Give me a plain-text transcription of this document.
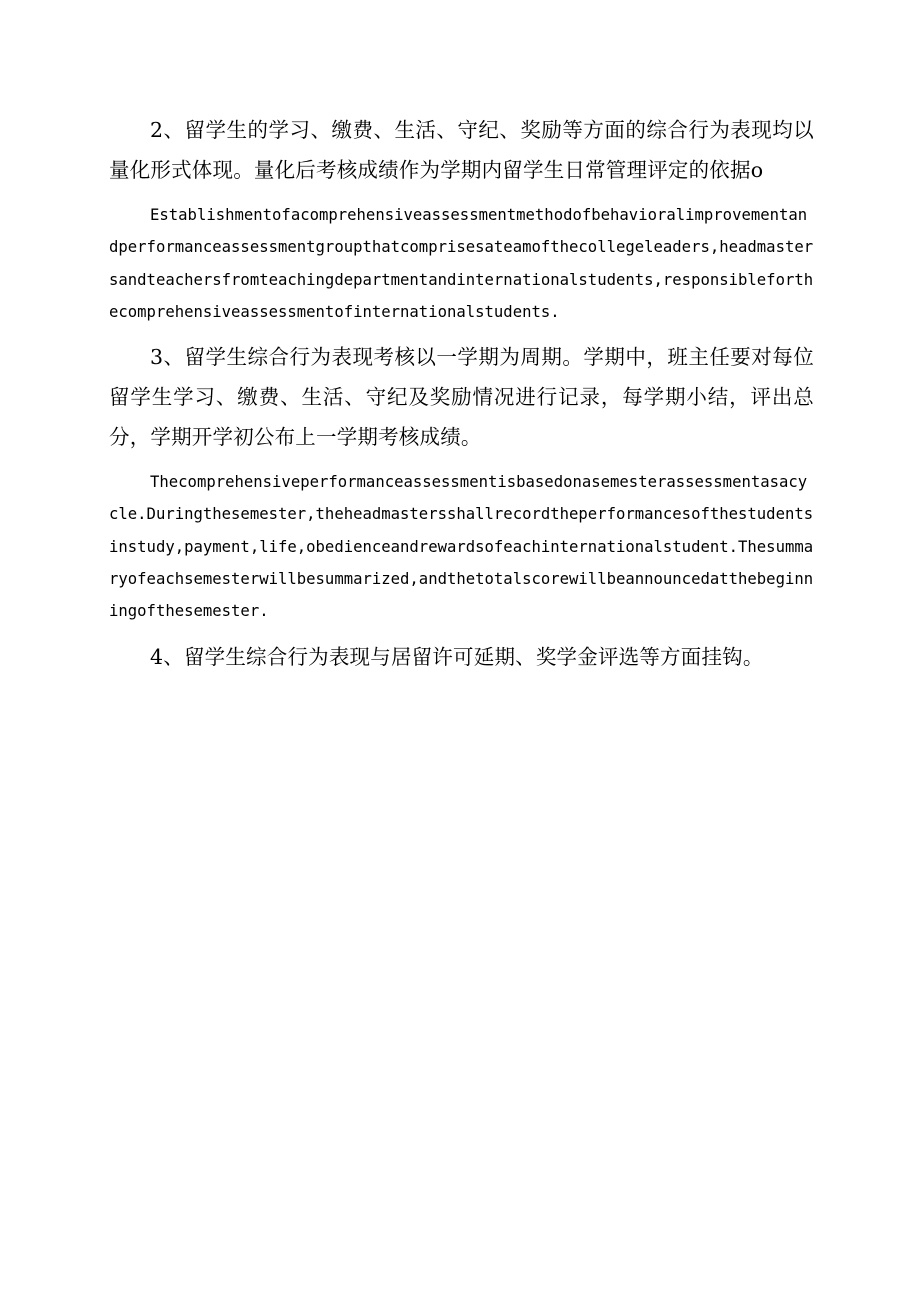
2、留学生的学习、缴费、生活、守纪、奖励等方面的综合行为表现均以量化形式体现。量化后考核成绩作为学期内留学生日常管理评定的依据o

Establishmentofacomprehensiveassessmentmethodofbehavioralimprovementandperformanceassessmentgroupthatcomprisesateamofthecollegeleaders,headmastersandteachersfromteachingdepartmentandinternationalstudents,responsibleforthecomprehensiveassessmentofinternationalstudents.

3、留学生综合行为表现考核以一学期为周期。学期中，班主任要对每位留学生学习、缴费、生活、守纪及奖励情况进行记录，每学期小结，评出总分，学期开学初公布上一学期考核成绩。

Thecomprehensiveperformanceassessmentisbasedonasemesterassessmentasacycle.Duringthesemester,theheadmastersshallrecordtheperformancesofthestudentsinstudy,payment,life,obedienceandrewardsofeachinternationalstudent.Thesummaryofeachsemesterwillbesummarized,andthetotalscorewillbeannouncedatthebeginningofthesemester.

4、留学生综合行为表现与居留许可延期、奖学金评选等方面挂钩。
